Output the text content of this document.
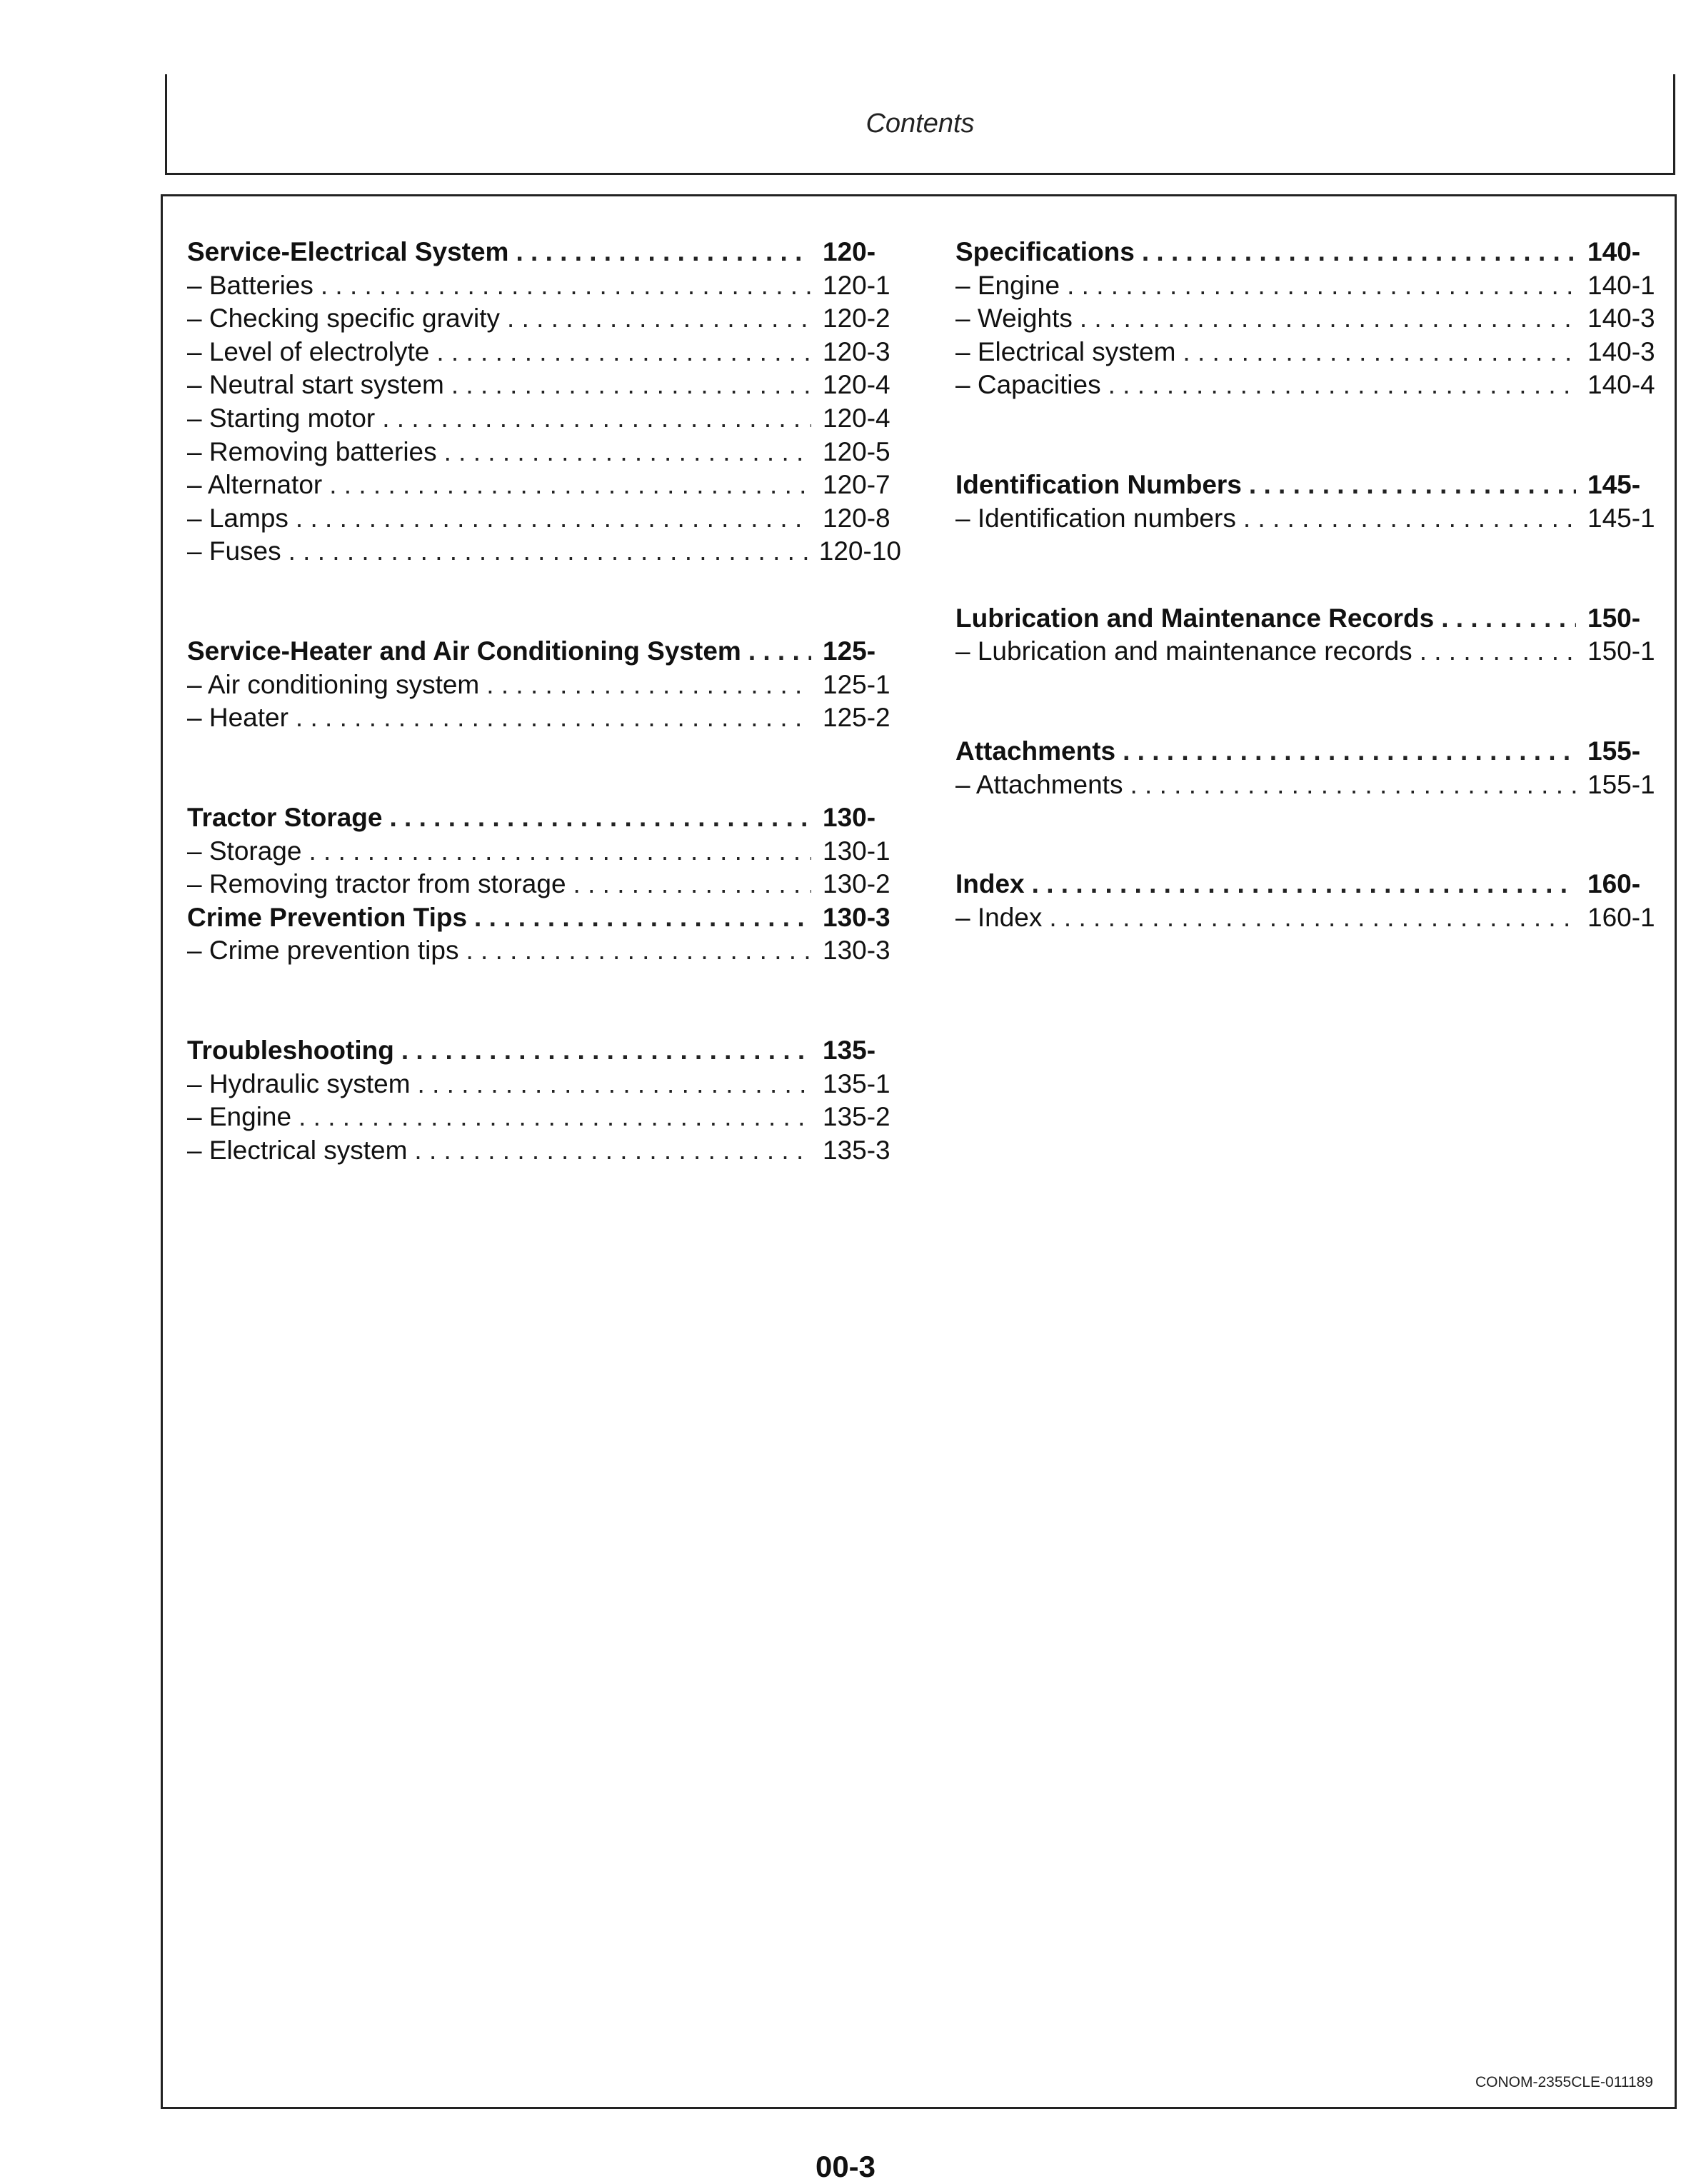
Contents
CONOM-2355CLE-011189
Service-Electrical System . . .	120-
– Batteries . . .	120-1
– Checking specific gravity . . .	120-2
– Level of electrolyte . . .	120-3
– Neutral start system . . .	120-4
– Starting motor . . .	120-4
– Removing batteries . . .	120-5
– Alternator . . .	120-7
– Lamps . . .	120-8
– Fuses . . .	120-10
Service-Heater and Air Conditioning System . . .	125-
– Air conditioning system . . .	125-1
– Heater . . .	125-2
Tractor Storage . . .	130-
– Storage . . .	130-1
– Removing tractor from storage . . .	130-2
Crime Prevention Tips . . .	130-3
– Crime prevention tips . . .	130-3
Troubleshooting . . .	135-
– Hydraulic system . . .	135-1
– Engine . . .	135-2
– Electrical system . . .	135-3
Specifications . . .	140-
– Engine . . .	140-1
– Weights . . .	140-3
– Electrical system . . .	140-3
– Capacities . . .	140-4
Identification Numbers . . .	145-
– Identification numbers . . .	145-1
Lubrication and Maintenance Records . . .	150-
– Lubrication and maintenance records . . .	150-1
Attachments . . .	155-
– Attachments . . .	155-1
Index . . .	160-
– Index . . .	160-1
00-3
